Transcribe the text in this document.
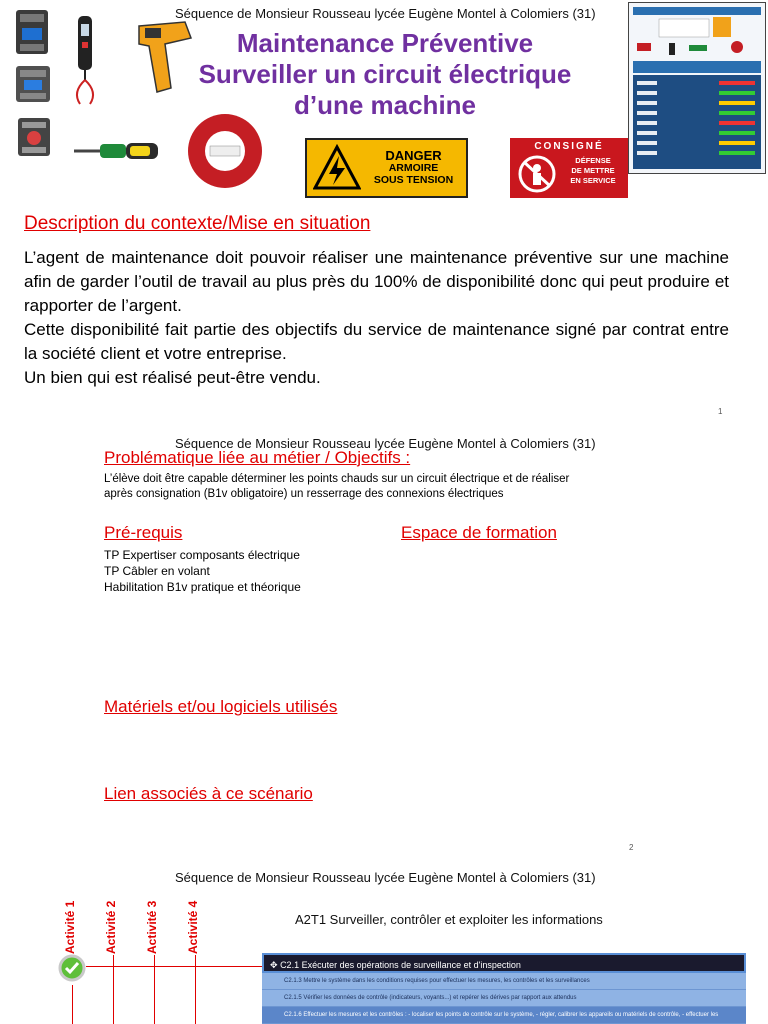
Séquence de Monsieur Rousseau lycée Eugène Montel à Colomiers (31)
Maintenance Préventive
Surveiller un circuit électrique
d’une machine
DANGER
ARMOIRE
SOUS TENSION
CONSIGNÉ
DÉFENSE
DE METTRE
EN SERVICE
Description du contexte/Mise en situation
L’agent de maintenance doit pouvoir réaliser une maintenance préventive sur une machine afin de garder l’outil de travail au plus près du 100% de disponibilité donc qui peut produire et rapporter de l’argent.
Cette disponibilité fait partie des objectifs du service de maintenance signé par contrat entre la société client et votre entreprise.
Un bien qui est réalisé peut-être vendu.
1
Séquence de Monsieur Rousseau lycée Eugène Montel à Colomiers (31)
Problématique liée au métier / Objectifs :
L’élève doit être capable déterminer les points chauds sur un circuit électrique et de réaliser
après consignation (B1v obligatoire) un resserrage des connexions électriques
Pré-requis
TP Expertiser composants électrique
TP Câbler en volant
Habilitation B1v pratique et théorique
Espace de formation
Matériels et/ou logiciels utilisés
Lien associés à ce scénario
2
Séquence de Monsieur Rousseau lycée Eugène Montel à Colomiers (31)
Activité 1 Activité 2 Activité 3 Activité 4	A2T1 Surveiller, contrôler et exploiter les informations
✥ C2.1 Exécuter des opérations de surveillance et d'inspection
C2.1.3 Mettre le système dans les conditions requises pour effectuer les mesures, les contrôles et les surveillances
C2.1.5 Vérifier les données de contrôle (indicateurs, voyants...) et repérer les dérives par rapport aux attendus
C2.1.6 Effectuer les mesures et les contrôles : - localiser les points de contrôle sur le système, - régler, calibrer les appareils ou matériels de contrôle, - effectuer les
